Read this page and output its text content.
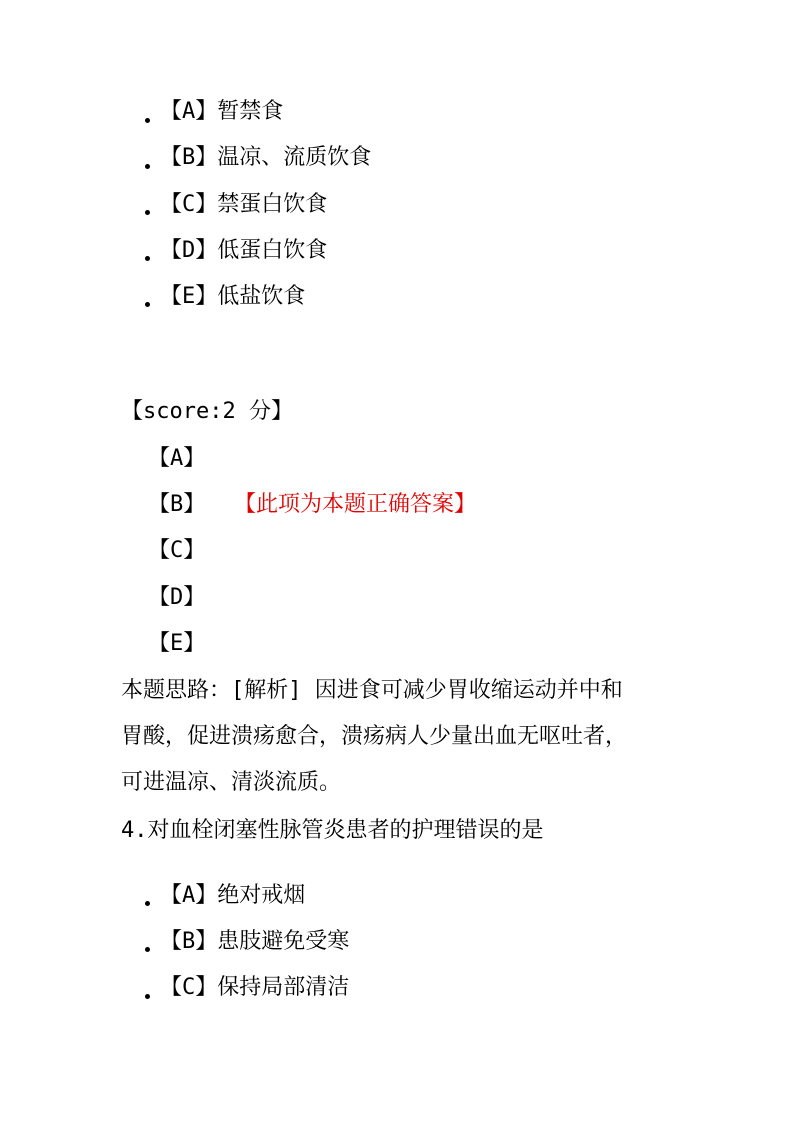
【A】暂禁食
【B】温凉、流质饮食
【C】禁蛋白饮食
【D】低蛋白饮食
【E】低盐饮食
【score:2 分】
【A】
【B】 【此项为本题正确答案】
【C】
【D】
【E】
本题思路：[解析] 因进食可减少胃收缩运动并中和
胃酸，促进溃疡愈合，溃疡病人少量出血无呕吐者，
可进温凉、清淡流质。
4.对血栓闭塞性脉管炎患者的护理错误的是
【A】绝对戒烟
【B】患肢避免受寒
【C】保持局部清洁
